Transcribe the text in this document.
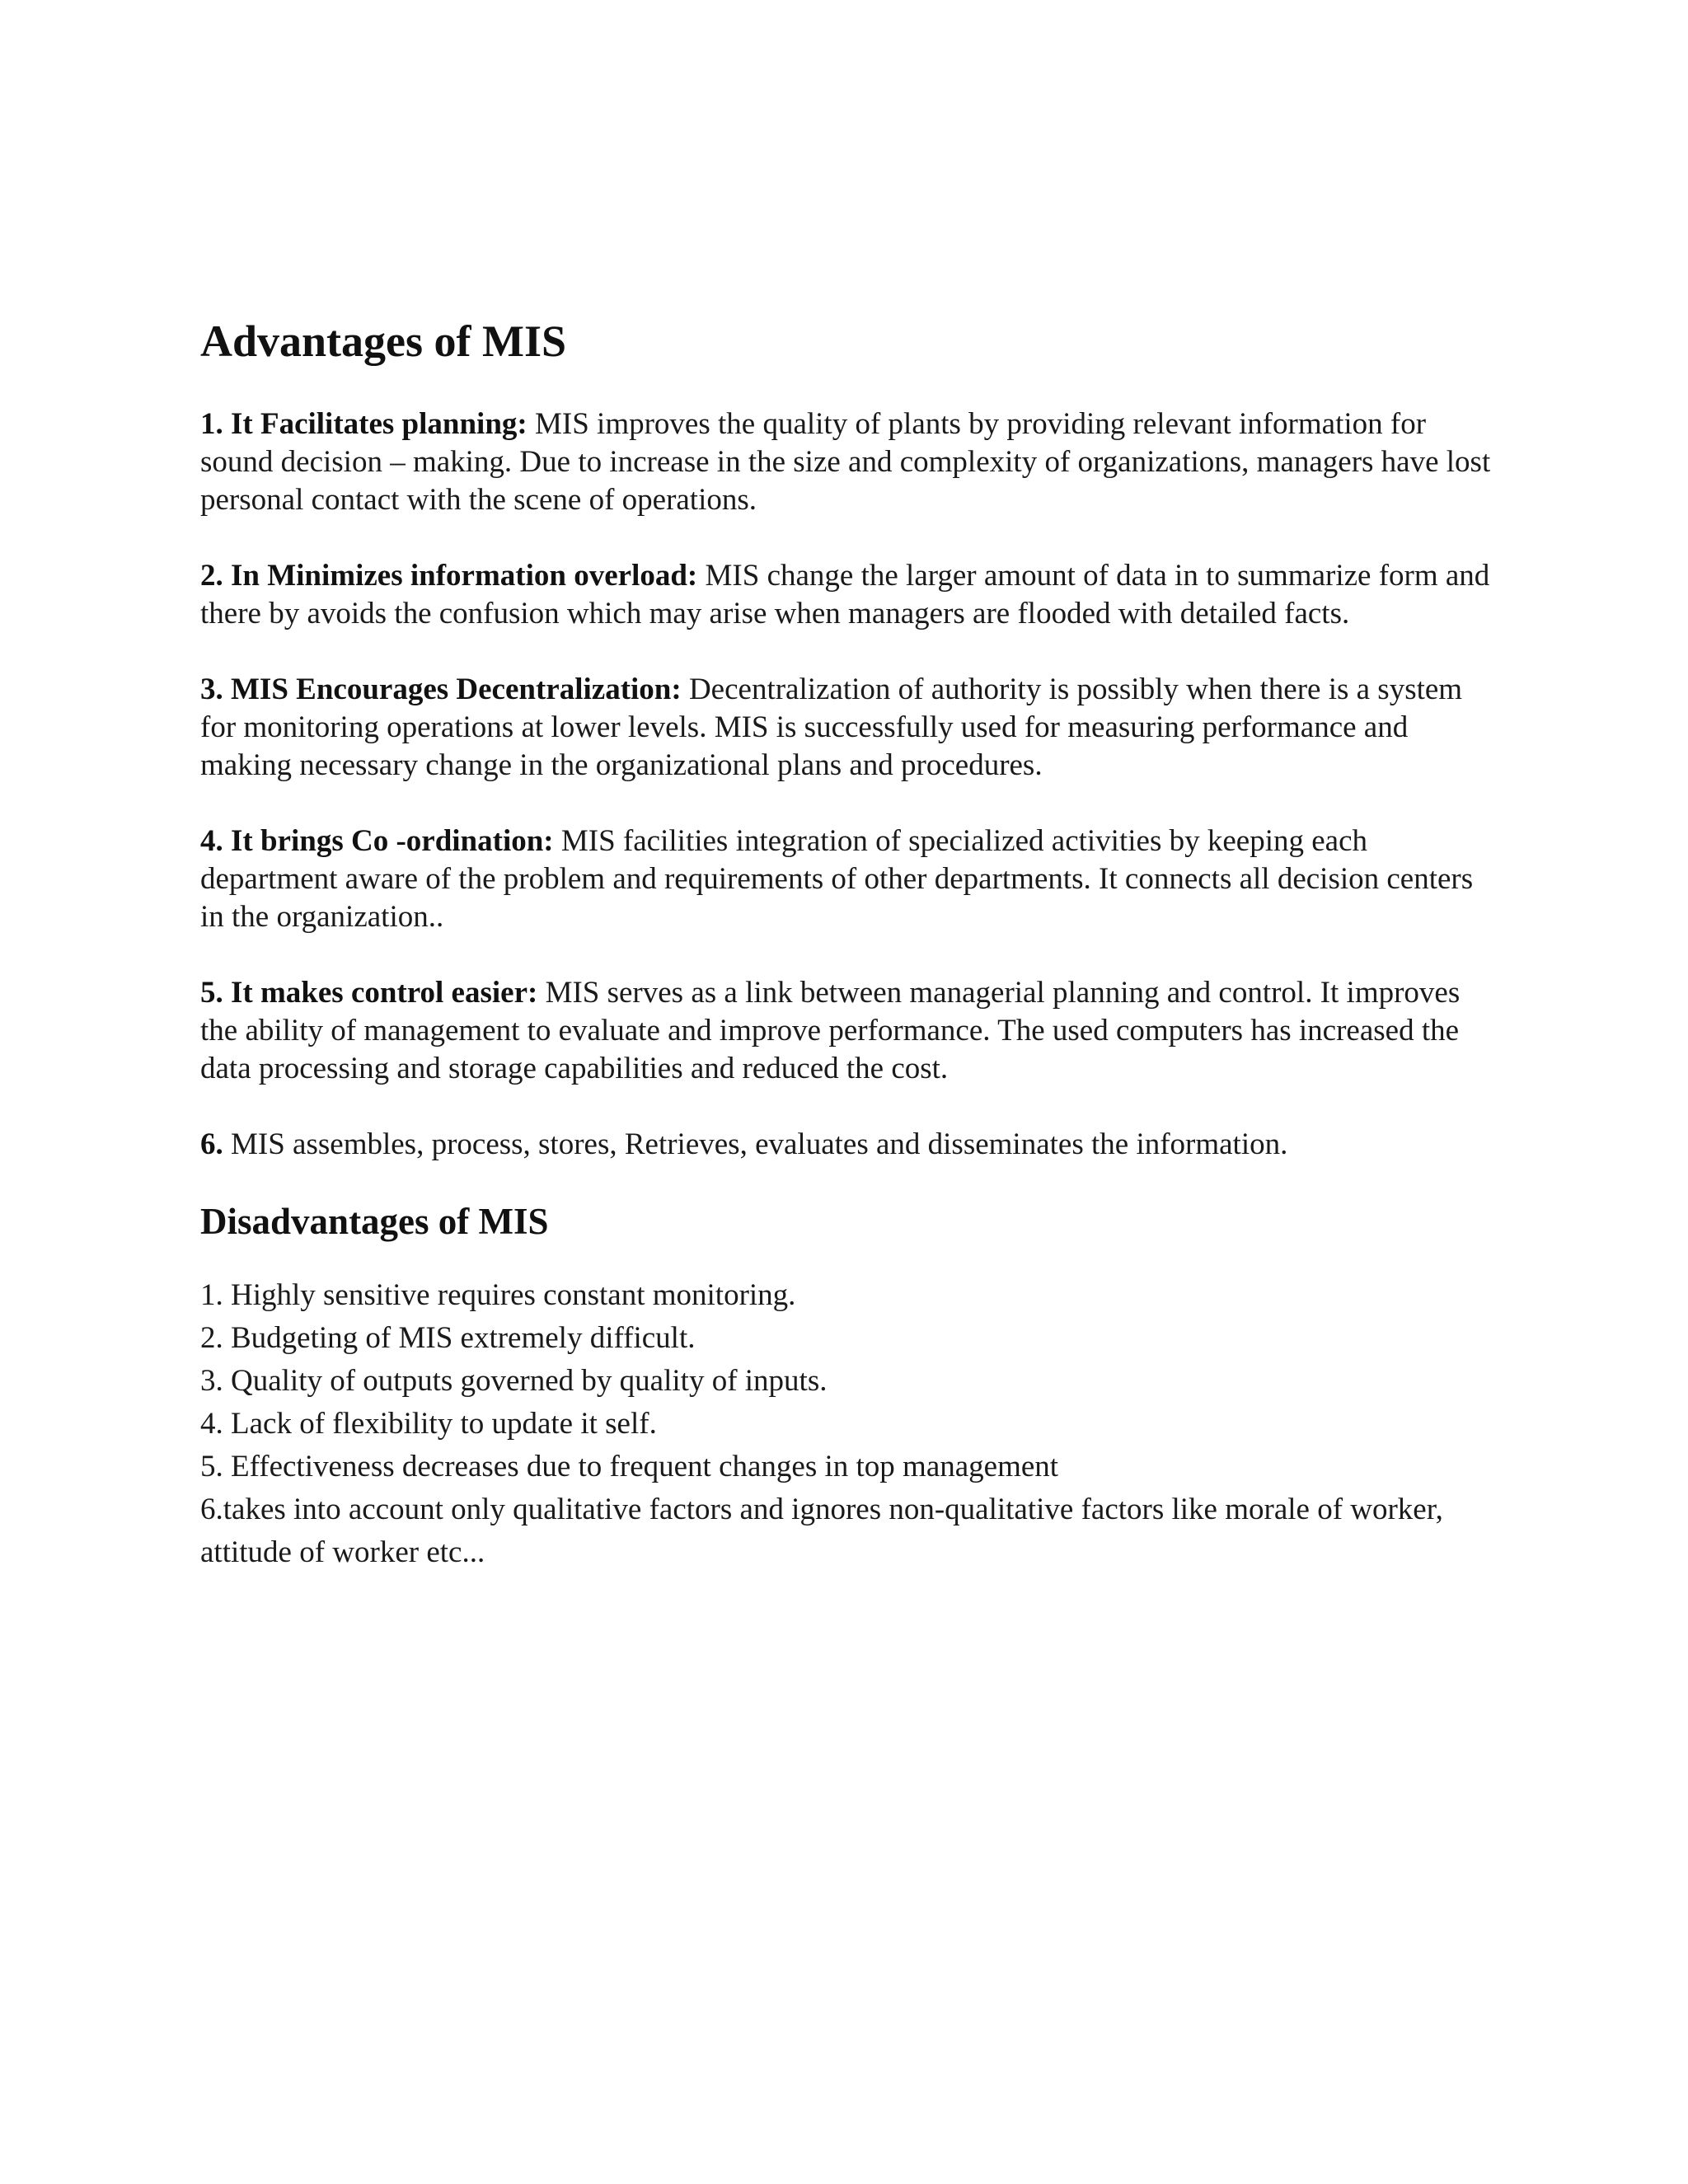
Advantages of MIS

1. It Facilitates planning: MIS improves the quality of plants by providing relevant information for sound decision – making. Due to increase in the size and complexity of organizations, managers have lost personal contact with the scene of operations.

2. In Minimizes information overload: MIS change the larger amount of data in to summarize form and there by avoids the confusion which may arise when managers are flooded with detailed facts.

3. MIS Encourages Decentralization: Decentralization of authority is possibly when there is a system for monitoring operations at lower levels. MIS is successfully used for measuring performance and making necessary change in the organizational plans and procedures.

4. It brings Co -ordination: MIS facilities integration of specialized activities by keeping each department aware of the problem and requirements of other departments. It connects all decision centers in the organization..

5. It makes control easier: MIS serves as a link between managerial planning and control. It improves the ability of management to evaluate and improve performance. The used computers has increased the data processing and storage capabilities and reduced the cost.

6. MIS assembles, process, stores, Retrieves, evaluates and disseminates the information.

Disadvantages of MIS

1. Highly sensitive requires constant monitoring.

2. Budgeting of MIS extremely difficult.

3. Quality of outputs governed by quality of inputs.

4. Lack of flexibility to update it self.

5. Effectiveness decreases due to frequent changes in top management

6.takes into account only qualitative factors and ignores non-qualitative factors like morale of worker, attitude of worker etc...
